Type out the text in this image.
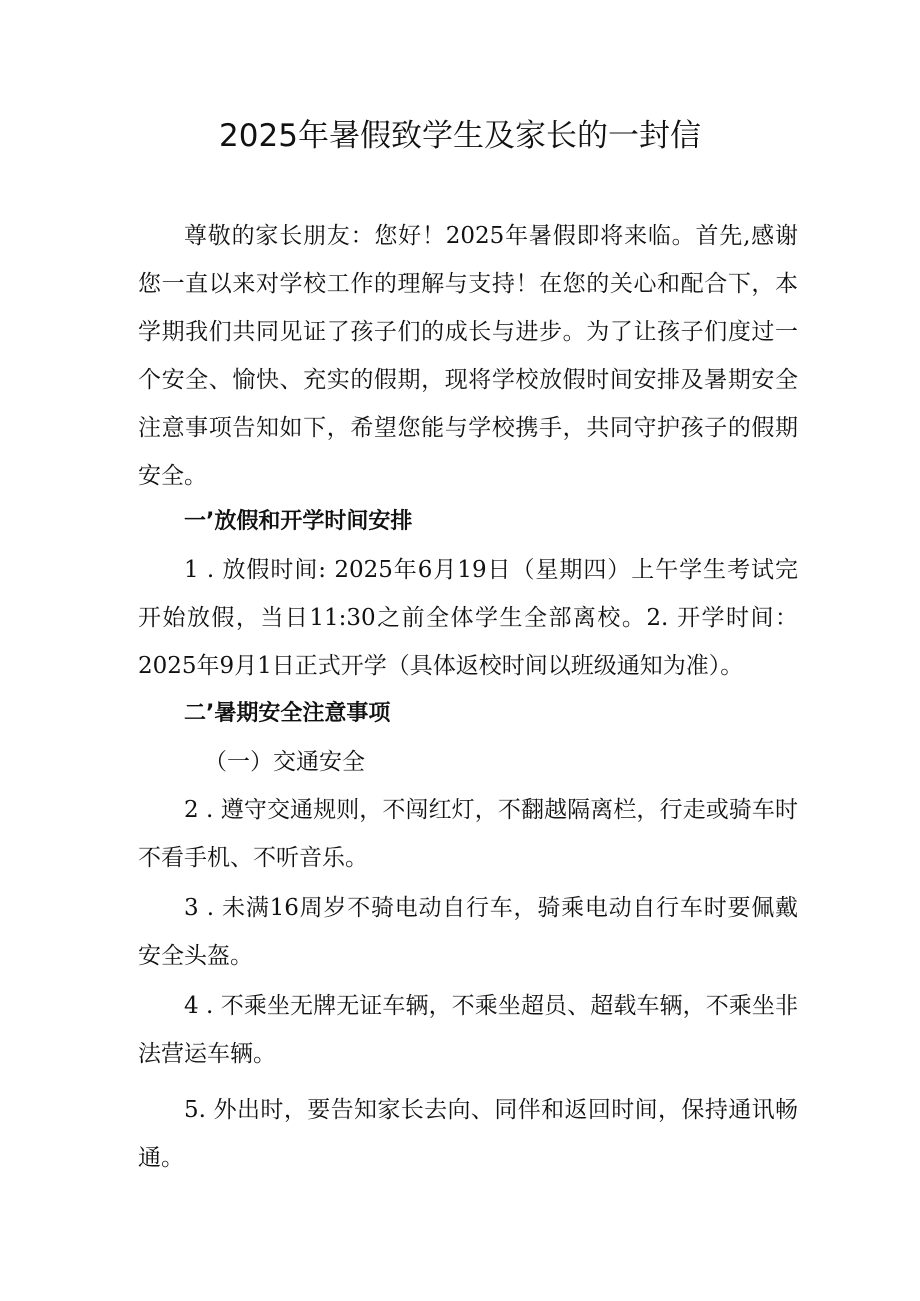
2025年暑假致学生及家长的一封信

尊敬的家长朋友：您好！2025年暑假即将来临。首先,感谢您一直以来对学校工作的理解与支持！在您的关心和配合下，本学期我们共同见证了孩子们的成长与进步。为了让孩子们度过一个安全、愉快、充实的假期，现将学校放假时间安排及暑期安全注意事项告知如下，希望您能与学校携手，共同守护孩子的假期安全。

一’放假和开学时间安排

1 . 放假时间: 2025年6月19日（星期四）上午学生考试完开始放假，当日11:30之前全体学生全部离校。2. 开学时间：2025年9月1日正式开学（具体返校时间以班级通知为准）。

二’暑期安全注意事项

（一）交通安全

2 . 遵守交通规则，不闯红灯，不翻越隔离栏，行走或骑车时不看手机、不听音乐。

3 . 未满16周岁不骑电动自行车，骑乘电动自行车时要佩戴安全头盔。

4 . 不乘坐无牌无证车辆，不乘坐超员、超载车辆，不乘坐非法营运车辆。

5. 外出时，要告知家长去向、同伴和返回时间，保持通讯畅通。
